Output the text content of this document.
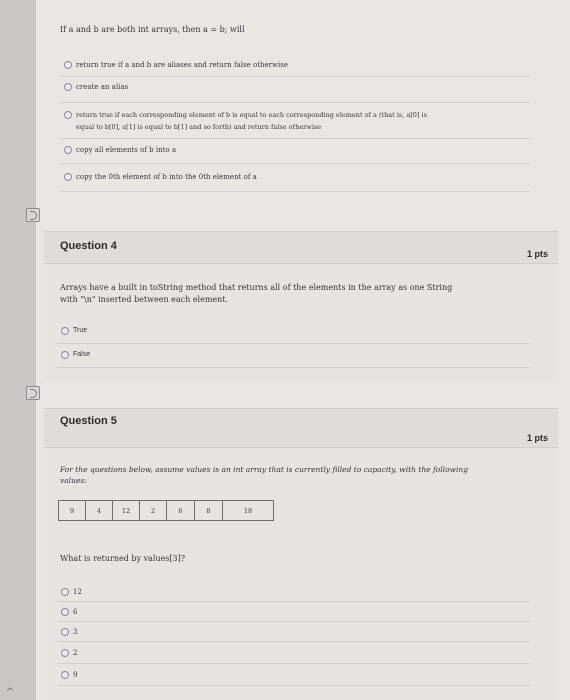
If a and b are both int arrays, then a = b; will
return true if a and b are aliases and return false otherwise
create an alias
return true if each corresponding element of b is equal to each corresponding element of a (that is, a[0] is
equal to b[0], a[1] is equal to b[1] and so forth) and return false otherwise
copy all elements of b into a
copy the 0th element of b into the 0th element of a
Question 4
1 pts
Arrays have a built in toString method that returns all of the elements in the array as one String
with "\n" inserted between each element.
True
False
Question 5
1 pts
For the questions below, assume values is an int array that is currently filled to capacity, with the following
values:
9	4	12	2	6	8	18
What is returned by values[3]?
12
6
3
2
9
^
